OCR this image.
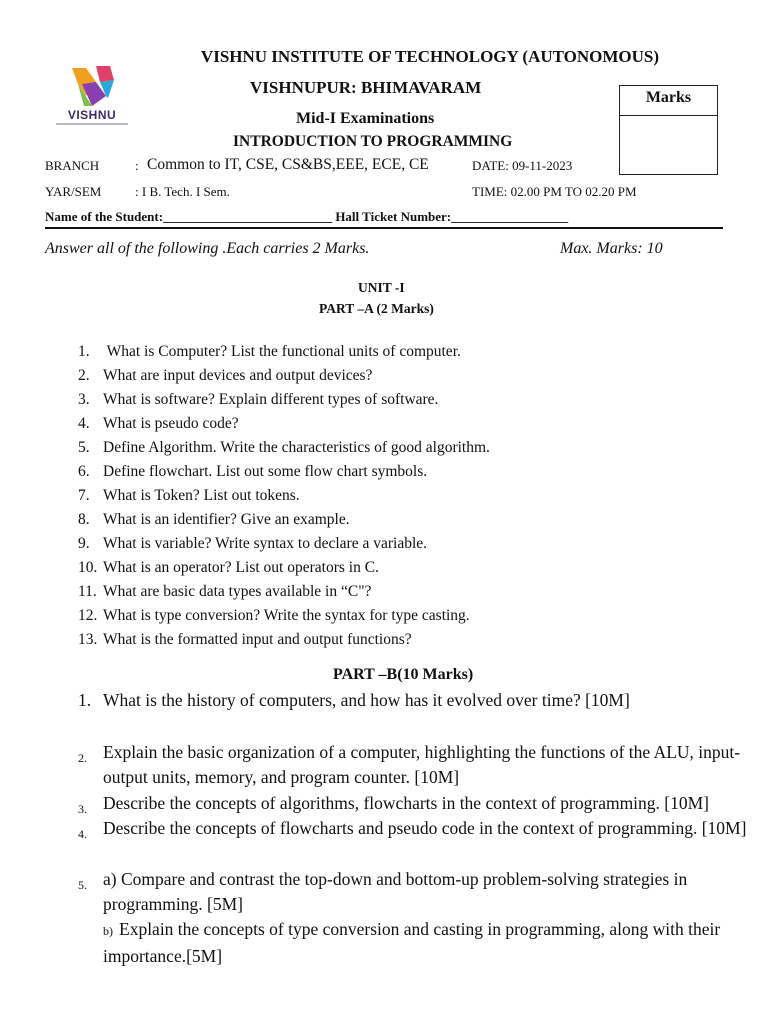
VISHNU
VISHNU INSTITUTE OF TECHNOLOGY (AUTONOMOUS)
VISHNUPUR: BHIMAVARAM
Mid-I Examinations
INTRODUCTION TO PROGRAMMING
Marks
BRANCH	: Common to IT, CSE, CS&BS,EEE, ECE, CE	DATE: 09-11-2023
YAR/SEM	: I B. Tech. I Sem.	TIME: 02.00 PM TO 02.20 PM
Name of the Student:__________________________ Hall Ticket Number:__________________
Answer all of the following .Each carries 2 Marks.	Max. Marks: 10
UNIT -I
PART –A (2 Marks)
1. What is Computer? List the functional units of computer.
2. What are input devices and output devices?
3. What is software? Explain different types of software.
4. What is pseudo code?
5. Define Algorithm. Write the characteristics of good algorithm.
6. Define flowchart. List out some flow chart symbols.
7. What is Token? List out tokens.
8. What is an identifier? Give an example.
9. What is variable? Write syntax to declare a variable.
10. What is an operator? List out operators in C.
11. What are basic data types available in “C"?
12. What is type conversion? Write the syntax for type casting.
13. What is the formatted input and output functions?
PART –B(10 Marks)
1. What is the history of computers, and how has it evolved over time? [10M]
2. Explain the basic organization of a computer, highlighting the functions of the ALU, input-output units, memory, and program counter. [10M]
3. Describe the concepts of algorithms, flowcharts in the context of programming. [10M]
4. Describe the concepts of flowcharts and pseudo code in the context of programming. [10M]
5. a) Compare and contrast the top-down and bottom-up problem-solving strategies in programming. [5M]
b) Explain the concepts of type conversion and casting in programming, along with their importance.[5M]
